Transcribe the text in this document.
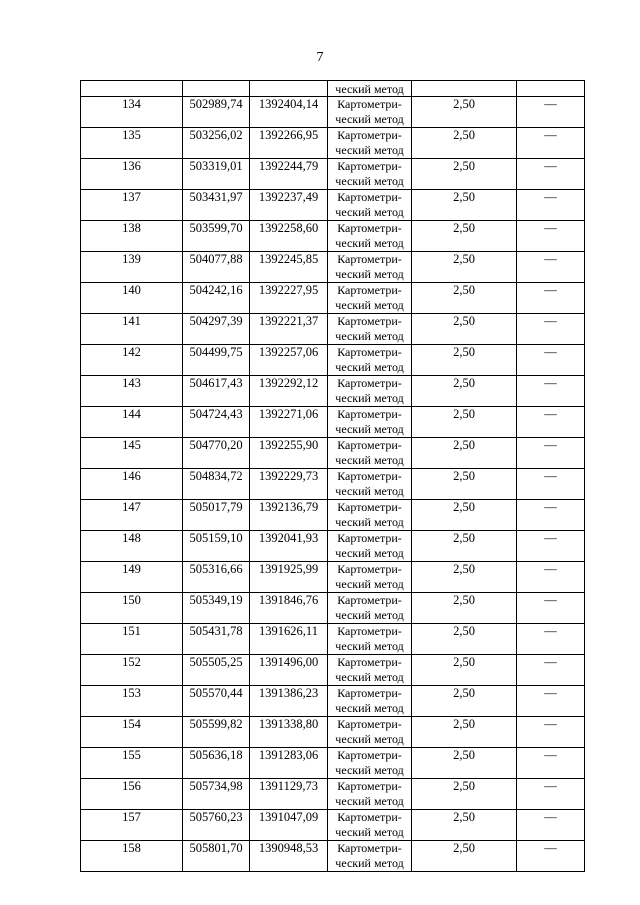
7
			ческий метод		
134	502989,74	1392404,14	Картометри-
ческий метод	2,50	—
135	503256,02	1392266,95	Картометри-
ческий метод	2,50	—
136	503319,01	1392244,79	Картометри-
ческий метод	2,50	—
137	503431,97	1392237,49	Картометри-
ческий метод	2,50	—
138	503599,70	1392258,60	Картометри-
ческий метод	2,50	—
139	504077,88	1392245,85	Картометри-
ческий метод	2,50	—
140	504242,16	1392227,95	Картометри-
ческий метод	2,50	—
141	504297,39	1392221,37	Картометри-
ческий метод	2,50	—
142	504499,75	1392257,06	Картометри-
ческий метод	2,50	—
143	504617,43	1392292,12	Картометри-
ческий метод	2,50	—
144	504724,43	1392271,06	Картометри-
ческий метод	2,50	—
145	504770,20	1392255,90	Картометри-
ческий метод	2,50	—
146	504834,72	1392229,73	Картометри-
ческий метод	2,50	—
147	505017,79	1392136,79	Картометри-
ческий метод	2,50	—
148	505159,10	1392041,93	Картометри-
ческий метод	2,50	—
149	505316,66	1391925,99	Картометри-
ческий метод	2,50	—
150	505349,19	1391846,76	Картометри-
ческий метод	2,50	—
151	505431,78	1391626,11	Картометри-
ческий метод	2,50	—
152	505505,25	1391496,00	Картометри-
ческий метод	2,50	—
153	505570,44	1391386,23	Картометри-
ческий метод	2,50	—
154	505599,82	1391338,80	Картометри-
ческий метод	2,50	—
155	505636,18	1391283,06	Картометри-
ческий метод	2,50	—
156	505734,98	1391129,73	Картометри-
ческий метод	2,50	—
157	505760,23	1391047,09	Картометри-
ческий метод	2,50	—
158	505801,70	1390948,53	Картометри-
ческий метод	2,50	—
